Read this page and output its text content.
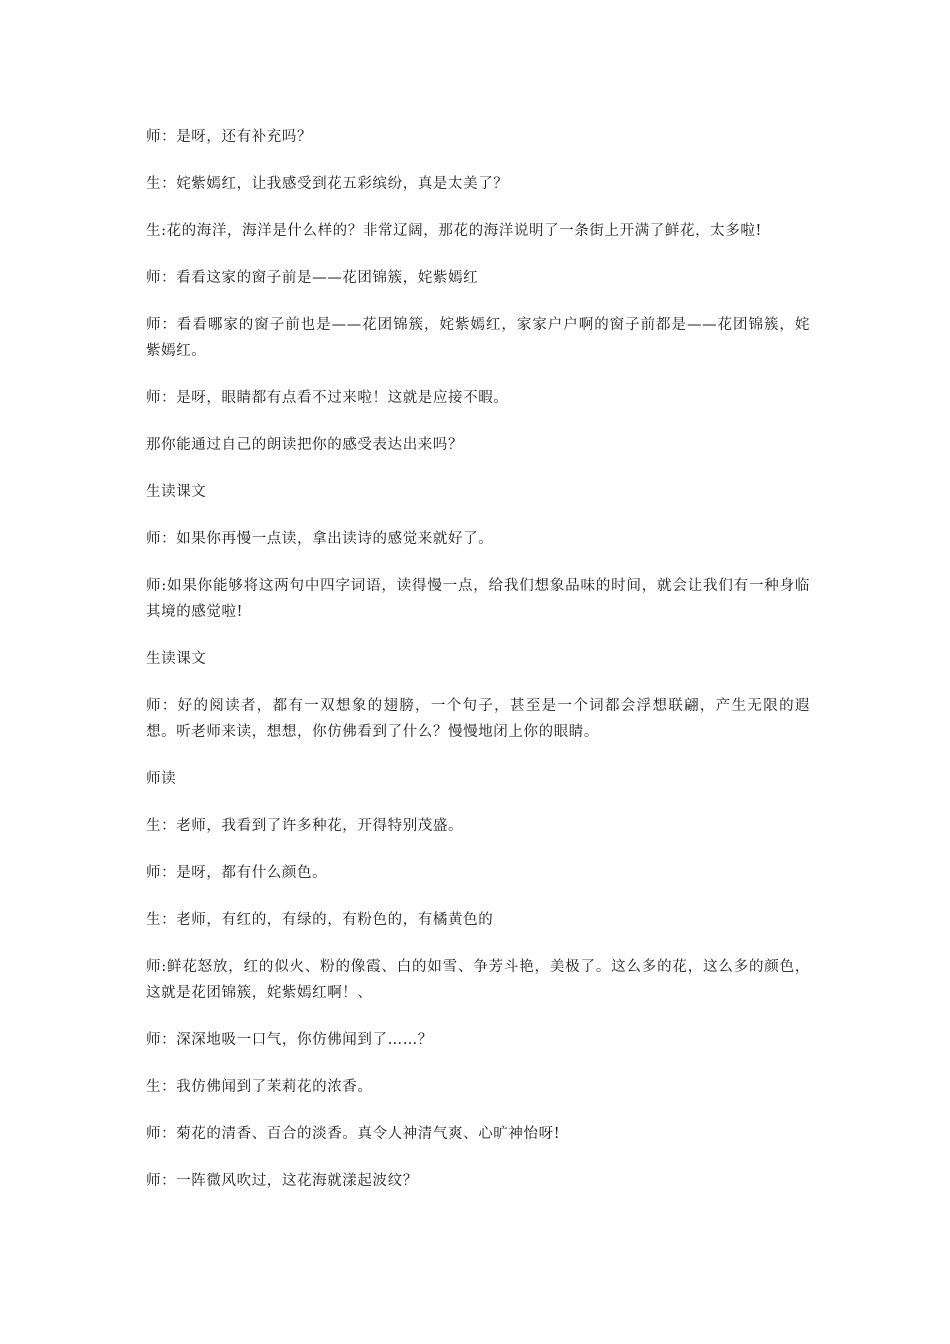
师：是呀，还有补充吗？

生：姹紫嫣红，让我感受到花五彩缤纷，真是太美了？

生:花的海洋，海洋是什么样的？非常辽阔，那花的海洋说明了一条街上开满了鲜花，太多啦!

师：看看这家的窗子前是——花团锦簇，姹紫嫣红

师：看看哪家的窗子前也是——花团锦簇，姹紫嫣红，家家户户啊的窗子前都是——花团锦簇，姹紫嫣红。

师：是呀，眼睛都有点看不过来啦！这就是应接不暇。

那你能通过自己的朗读把你的感受表达出来吗？

生读课文

师：如果你再慢一点读，拿出读诗的感觉来就好了。

师:如果你能够将这两句中四字词语，读得慢一点，给我们想象品味的时间，就会让我们有一种身临其境的感觉啦!

生读课文

师：好的阅读者，都有一双想象的翅膀，一个句子，甚至是一个词都会浮想联翩，产生无限的遐想。听老师来读，想想，你仿佛看到了什么？慢慢地闭上你的眼睛。

师读

生：老师，我看到了许多种花，开得特别茂盛。

师：是呀，都有什么颜色。

生：老师，有红的，有绿的，有粉色的，有橘黄色的

师:鲜花怒放，红的似火、粉的像霞、白的如雪、争芳斗艳，美极了。这么多的花，这么多的颜色，这就是花团锦簇，姹紫嫣红啊！、

师：深深地吸一口气，你仿佛闻到了……？

生：我仿佛闻到了茉莉花的浓香。

师：菊花的清香、百合的淡香。真令人神清气爽、心旷神怡呀!

师：一阵微风吹过，这花海就漾起波纹？
